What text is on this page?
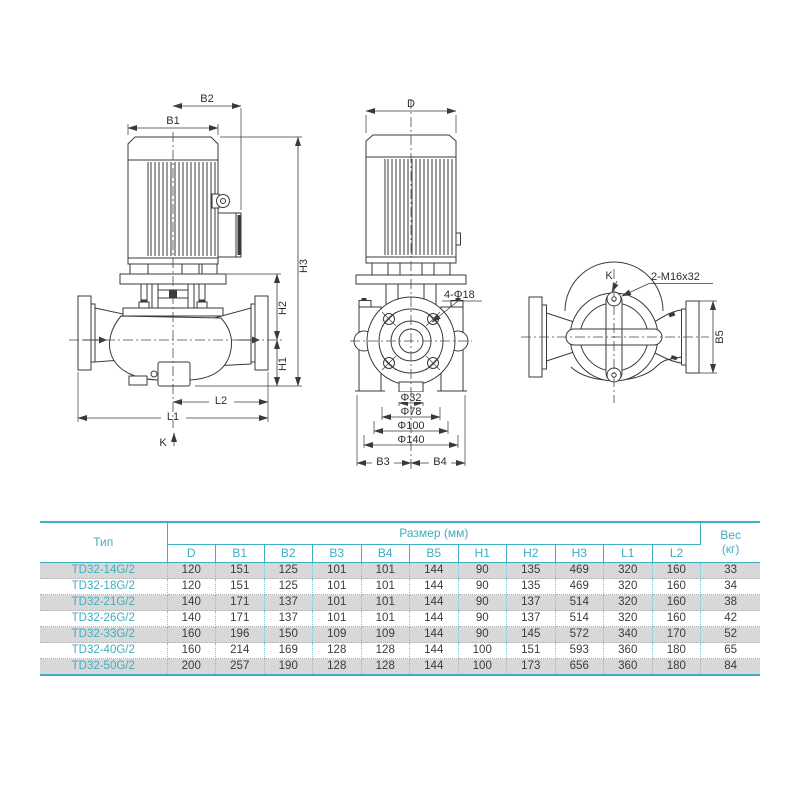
B2
B1
H3
H2
H1
L2
L1
K
D
4-Φ18
Φ32
Φ78
Φ100
Φ140
B3	B4
K	2-M16x32
B5
Тип	Размер (мм)											Вес
(кг)
	D	B1	B2	B3	B4	B5	H1	H2	H3	L1	L2	
TD32-14G/2	120	151	125	101	101	144	90	135	469	320	160	33
TD32-18G/2	120	151	125	101	101	144	90	135	469	320	160	34
TD32-21G/2	140	171	137	101	101	144	90	137	514	320	160	38
TD32-26G/2	140	171	137	101	101	144	90	137	514	320	160	42
TD32-33G/2	160	196	150	109	109	144	90	145	572	340	170	52
TD32-40G/2	160	214	169	128	128	144	100	151	593	360	180	65
TD32-50G/2	200	257	190	128	128	144	100	173	656	360	180	84
